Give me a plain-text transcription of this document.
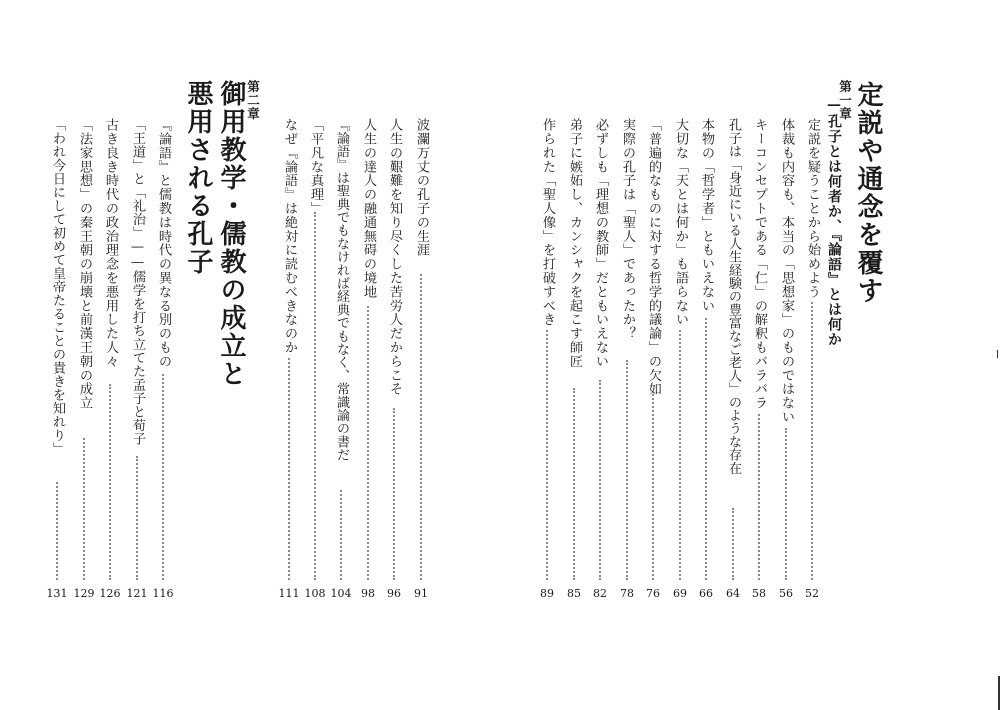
第一章 定説や通念を覆す
—孔子とは何者か、『論語』とは何か
定説を疑うことから始めよう
52
体裁も内容も、本当の「思想家」のものではない
56
キーコンセプトである「仁」の解釈もバラバラ
58
孔子は「身近にいる人生経験の豊富なご老人」のような存在
64
本物の「哲学者」ともいえない
66
大切な「天とは何か」も語らない
69
「普遍的なものに対する哲学的議論」の欠如
76
実際の孔子は「聖人」であったか？
78
必ずしも「理想の教師」だともいえない
82
弟子に嫉妬し、カンシャクを起こす師匠
85
作られた「聖人像」を打破すべき
89
波瀾万丈の孔子の生涯
91
人生の艱難を知り尽くした苦労人だからこそ
96
人生の達人の融通無碍の境地
98
『論語』は聖典でもなければ経典でもなく、常識論の書だ
104
「平凡な真理」
108
なぜ『論語』は絶対に読むべきなのか
111
第二章
御用教学・儒教の成立と
悪用される孔子
『論語』と儒教は時代の異なる別のもの
116
「王道」と「礼治」——儒学を打ち立てた孟子と荀子
121
古き良き時代の政治理念を悪用した人々
126
「法家思想」の秦王朝の崩壊と前漢王朝の成立
129
「われ今日にして初めて皇帝たることの貴きを知れり」
131
